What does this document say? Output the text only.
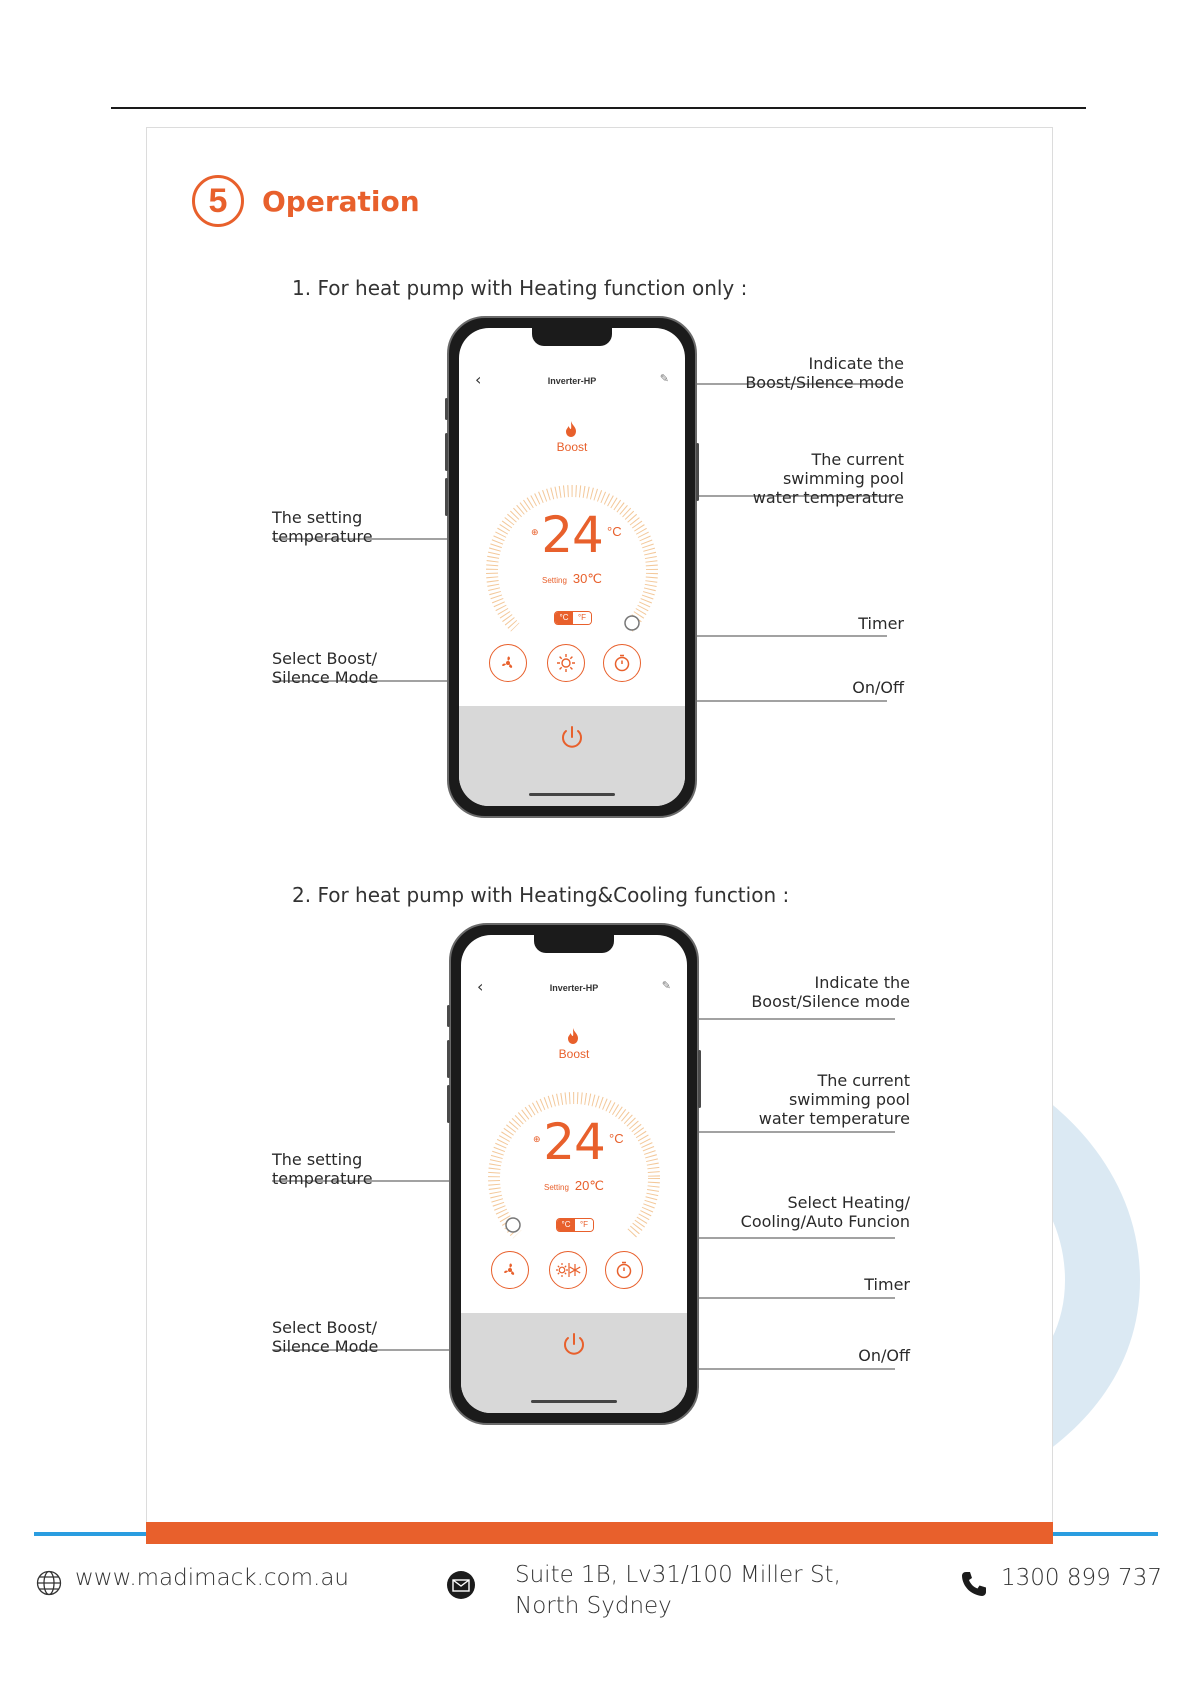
5	Operation
1. For heat pump with Heating function only :
‹	Inverter-HP	✎
Boost
⊕ 24 °C
Setting 30℃
°C	°F
Indicate the
Boost/Silence mode
The current
swimming pool
water temperature
The setting
temperature
Timer
Select Boost/
Silence Mode
On/Off
2. For heat pump with Heating&Cooling function :
‹	Inverter-HP	✎
Boost
⊕ 24 °C
Setting 20℃
°C	°F
Indicate the
Boost/Silence mode
The current
swimming pool
water temperature
The setting
temperature
Select Heating/
Cooling/Auto Funcion
Timer
Select Boost/
Silence Mode	On/Off
www.madimack.com.au	Suite 1B, Lv31/100 Miller St,
North Sydney
1300 899 737
